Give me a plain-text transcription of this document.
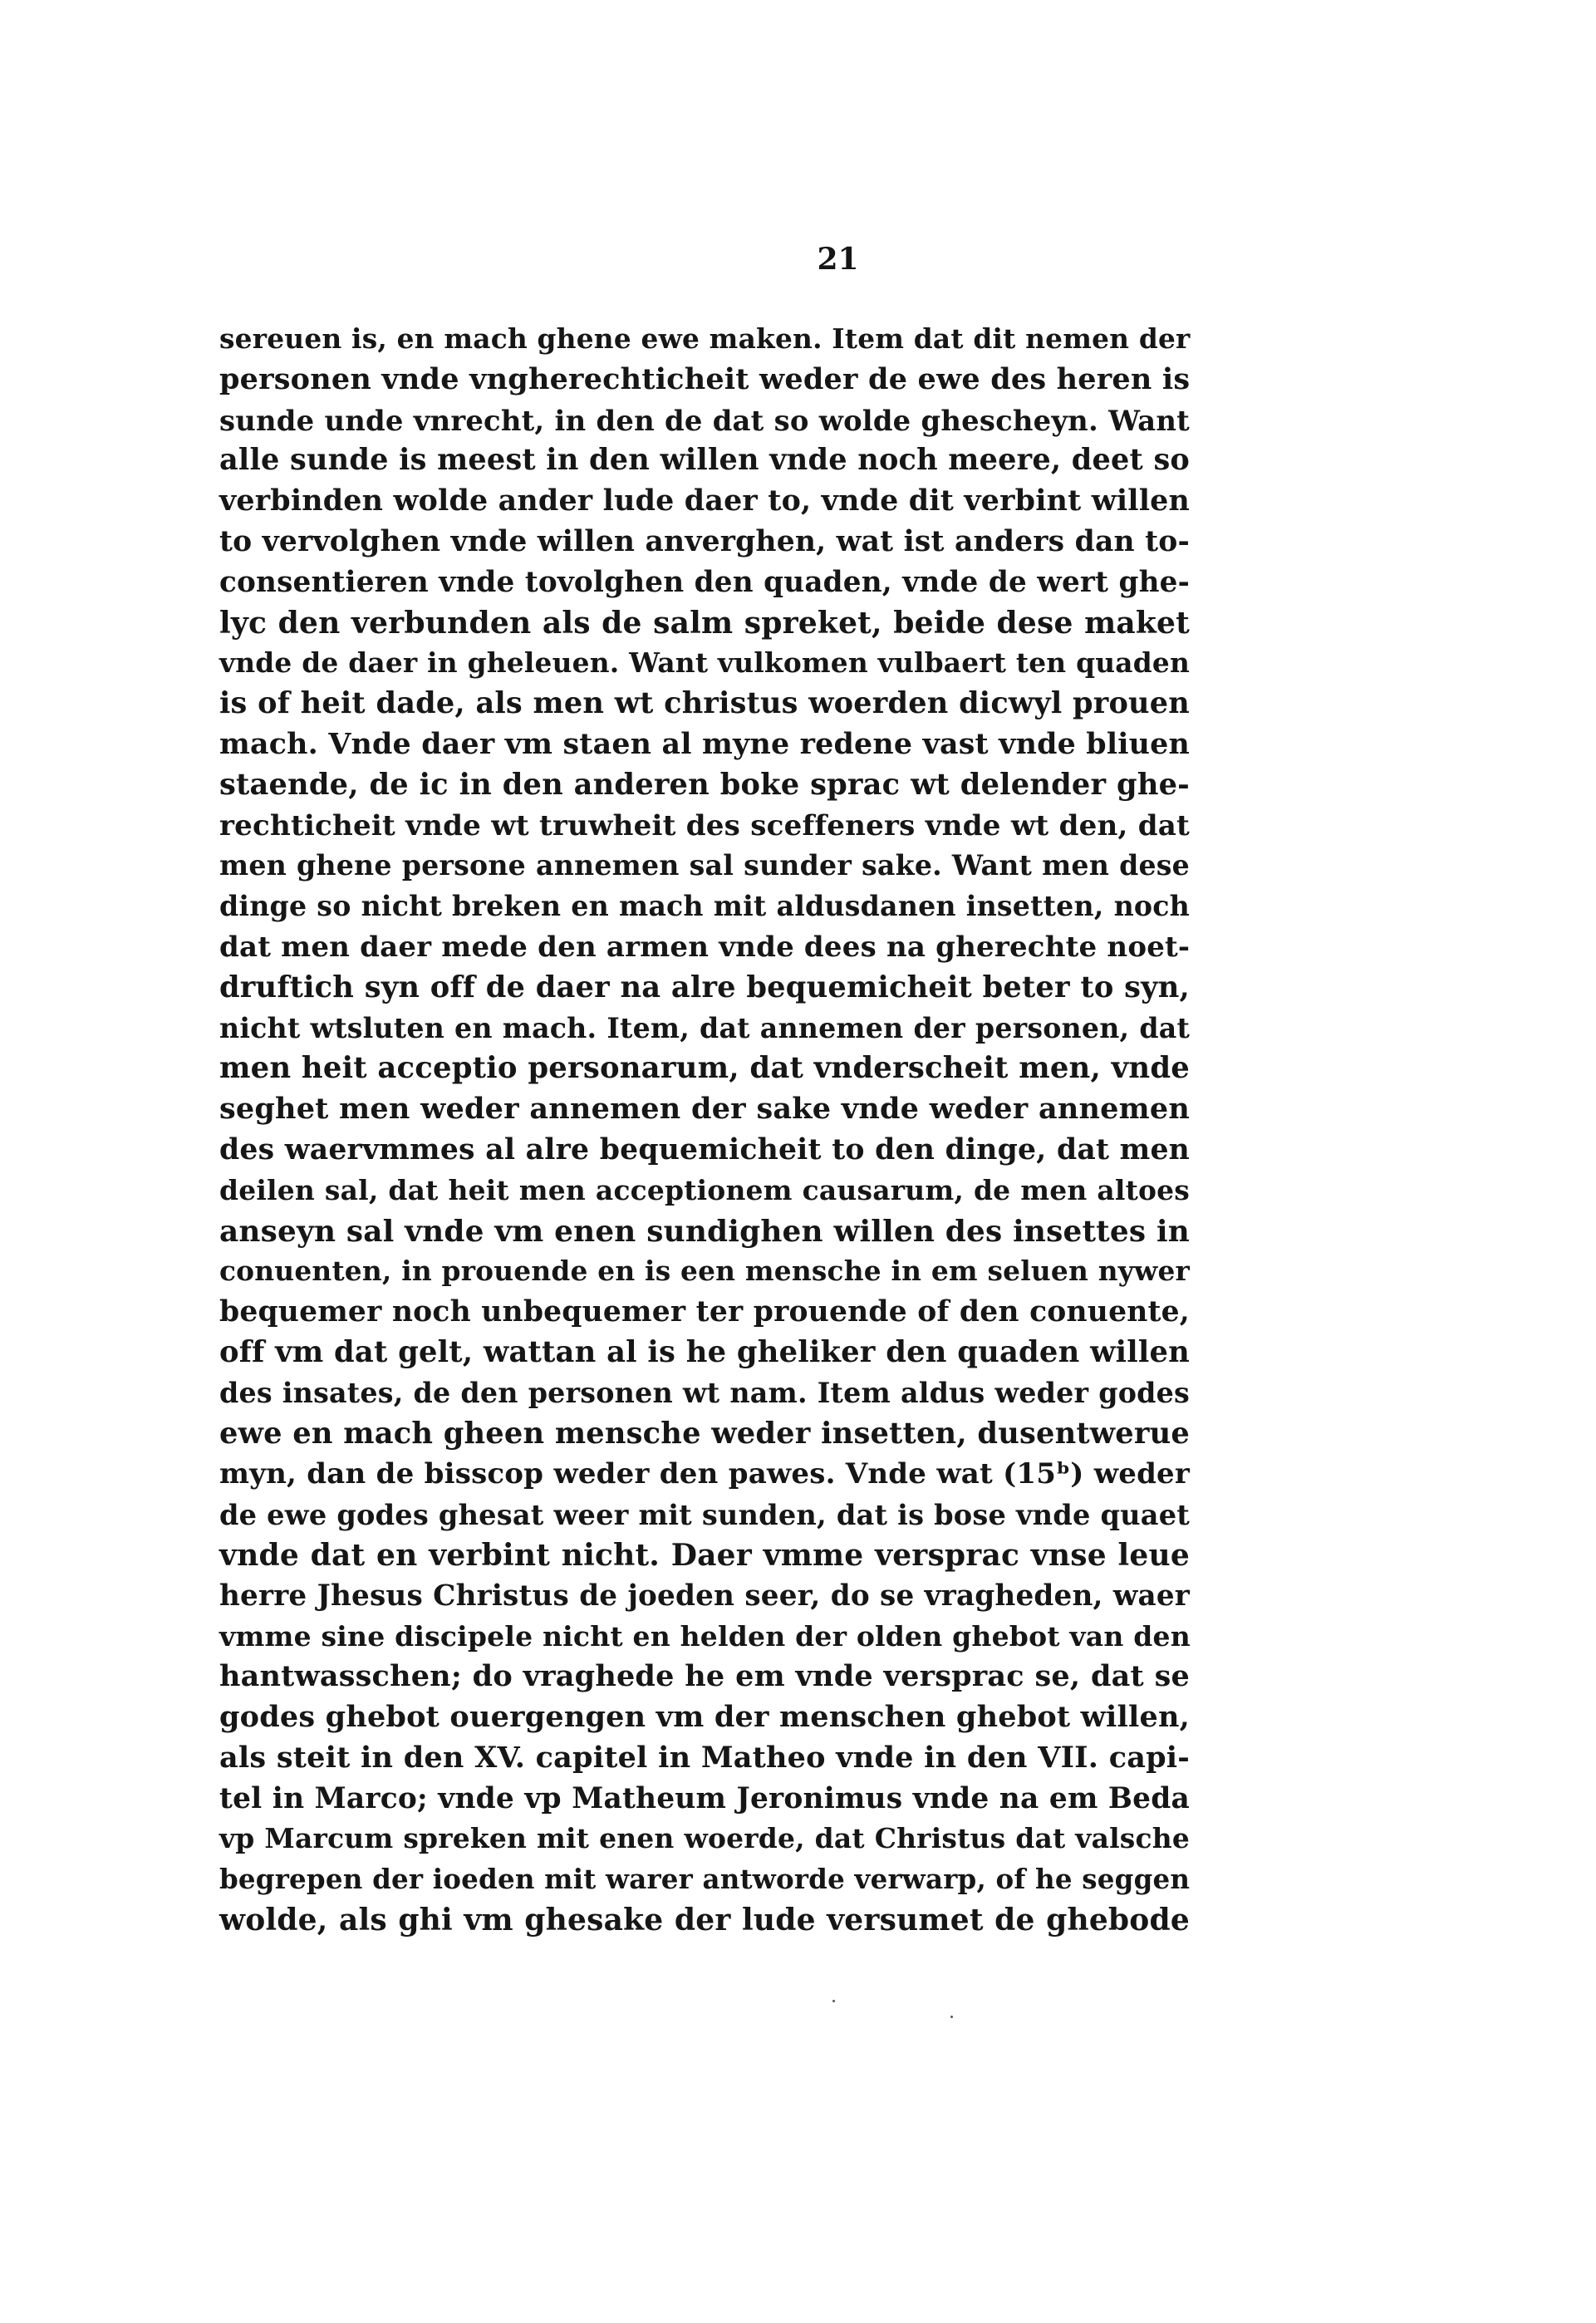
21
sereuen is, en mach ghene ewe maken. Item dat dit nemen der
personen vnde vngherechticheit weder de ewe des heren is
sunde unde vnrecht, in den de dat so wolde ghescheyn. Want
alle sunde is meest in den willen vnde noch meere, deet so
verbinden wolde ander lude daer to, vnde dit verbint willen
to vervolghen vnde willen anverghen, wat ist anders dan to-
consentieren vnde tovolghen den quaden, vnde de wert ghe-
lyc den verbunden als de salm spreket, beide dese maket
vnde de daer in gheleuen. Want vulkomen vulbaert ten quaden
is of heit dade, als men wt christus woerden dicwyl prouen
mach. Vnde daer vm staen al myne redene vast vnde bliuen
staende, de ic in den anderen boke sprac wt delender ghe-
rechticheit vnde wt truwheit des sceffeners vnde wt den, dat
men ghene persone annemen sal sunder sake. Want men dese
dinge so nicht breken en mach mit aldusdanen insetten, noch
dat men daer mede den armen vnde dees na gherechte noet-
druftich syn off de daer na alre bequemicheit beter to syn,
nicht wtsluten en mach. Item, dat annemen der personen, dat
men heit acceptio personarum, dat vnderscheit men, vnde
seghet men weder annemen der sake vnde weder annemen
des waervmmes al alre bequemicheit to den dinge, dat men
deilen sal, dat heit men acceptionem causarum, de men altoes
anseyn sal vnde vm enen sundighen willen des insettes in
conuenten, in prouende en is een mensche in em seluen nywer
bequemer noch unbequemer ter prouende of den conuente,
off vm dat gelt, wattan al is he gheliker den quaden willen
des insates, de den personen wt nam. Item aldus weder godes
ewe en mach gheen mensche weder insetten, dusentwerue
myn, dan de bisscop weder den pawes. Vnde wat (15ᵇ) weder
de ewe godes ghesat weer mit sunden, dat is bose vnde quaet
vnde dat en verbint nicht. Daer vmme versprac vnse leue
herre Jhesus Christus de joeden seer, do se vragheden, waer
vmme sine discipele nicht en helden der olden ghebot van den
hantwasschen; do vraghede he em vnde versprac se, dat se
godes ghebot ouergengen vm der menschen ghebot willen,
als steit in den XV. capitel in Matheo vnde in den VII. capi-
tel in Marco; vnde vp Matheum Jeronimus vnde na em Beda
vp Marcum spreken mit enen woerde, dat Christus dat valsche
begrepen der ioeden mit warer antworde verwarp, of he seggen
wolde, als ghi vm ghesake der lude versumet de ghebode
